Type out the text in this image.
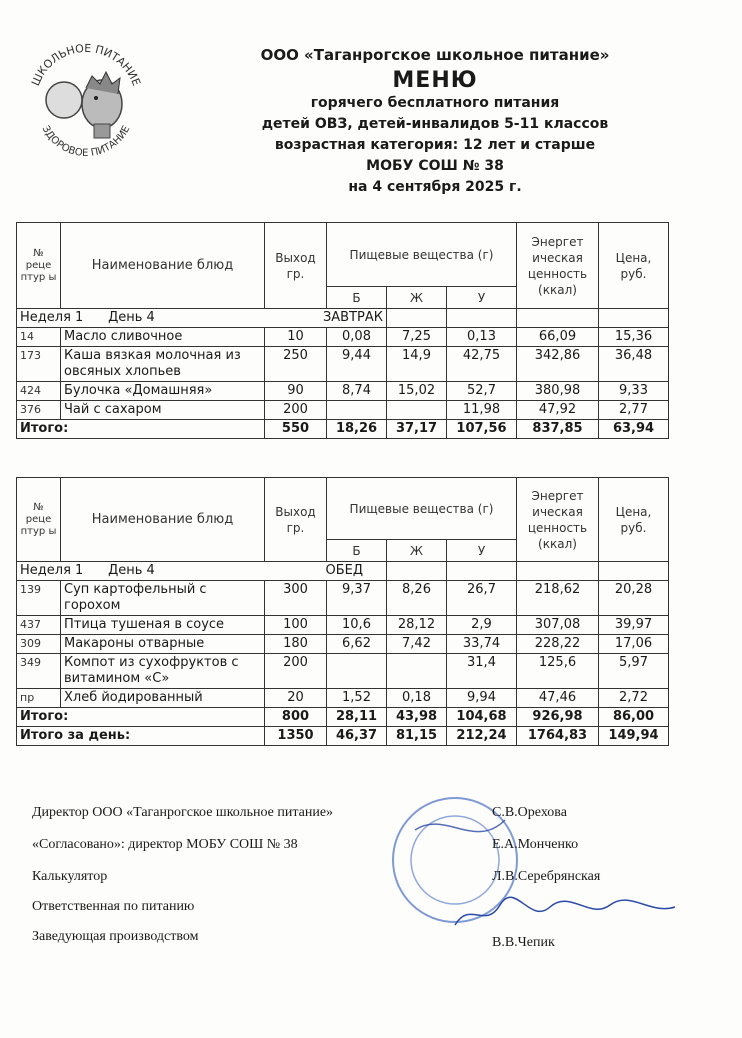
ШКОЛЬНОЕ ПИТАНИЕ
ЗДОРОВОЕ ПИТАНИЕ
ООО «Таганрогское школьное питание»
МЕНЮ
горячего бесплатного питания
детей ОВЗ, детей-инвалидов 5-11 классов
возрастная категория: 12 лет и старше
МОБУ СОШ № 38
на 4 сентября 2025 г.
№ реце птур ы	Наименование блюд	Выход гр.	Пищевые вещества (г)			Энергет ическая ценность (ккал)	Цена, руб.
			Б	Ж	У		
Неделя 1 День 4 ЗАВТРАК							

14	Масло сливочное	10	0,08	7,25	0,13	66,09	15,36
173	Каша вязкая молочная из овсяных хлопьев	250	9,44	14,9	42,75	342,86	36,48
424	Булочка «Домашняя»	90	8,74	15,02	52,7	380,98	9,33
376	Чай с сахаром	200			11,98	47,92	2,77
Итого:		550	18,26	37,17	107,56	837,85	63,94
№ реце птур ы	Наименование блюд	Выход гр.	Пищевые вещества (г)			Энергет ическая ценность (ккал)	Цена, руб.
			Б	Ж	У		
Неделя 1 День 4 ОБЕД							

139	Суп картофельный с горохом	300	9,37	8,26	26,7	218,62	20,28
437	Птица тушеная в соусе	100	10,6	28,12	2,9	307,08	39,97
309	Макароны отварные	180	6,62	7,42	33,74	228,22	17,06
349	Компот из сухофруктов с витамином «С»	200			31,4	125,6	5,97
пр	Хлеб йодированный	20	1,52	0,18	9,94	47,46	2,72
Итого:		800	28,11	43,98	104,68	926,98	86,00
Итого за день:		1350	46,37	81,15	212,24	1764,83	149,94
Директор ООО «Таганрогское школьное питание»	С.В.Орехова
«Согласовано»: директор МОБУ СОШ № 38	Е.А.Монченко
Калькулятор	Л.В.Серебрянская
Ответственная по питанию
Заведующая производством	В.В.Чепик
